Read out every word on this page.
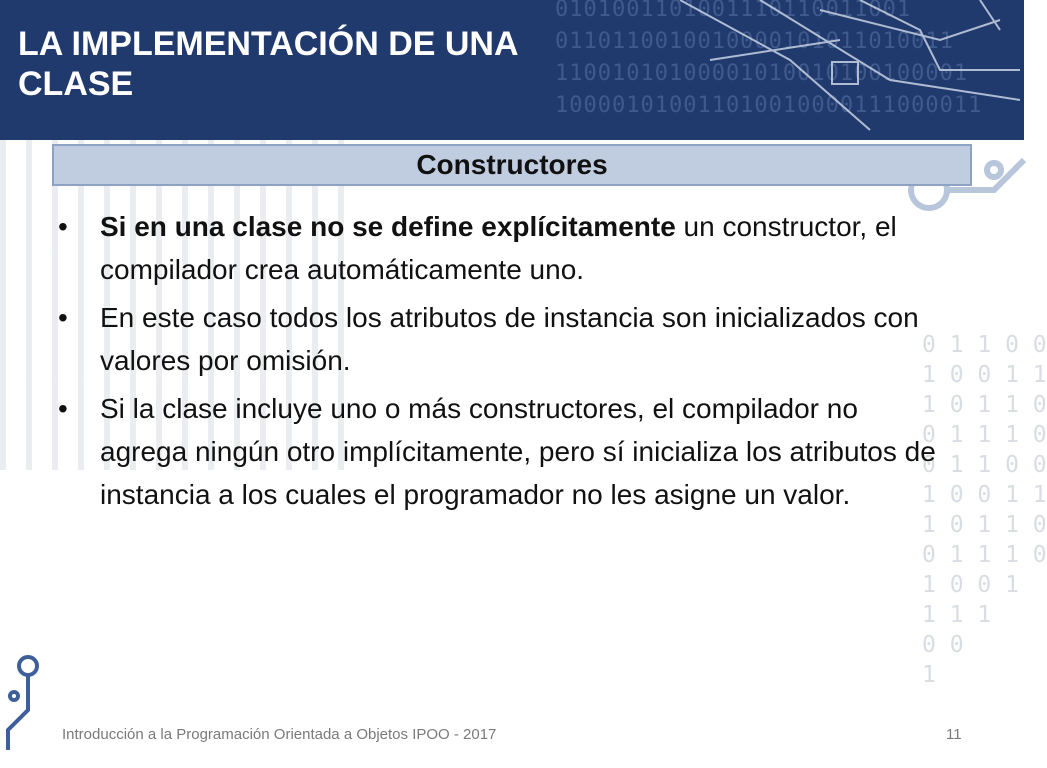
0101001101001110110011001
0110110010010000101011010011
11001010100001010010100100001
100001010011010010000111000011
LA IMPLEMENTACIÓN DE UNA CLASE
Constructores
0 1 1 0 0
1 0 0 1 1
1 0 1 1 0
0 1 1 1 0
0 1 1 0 0
1 0 0 1 1
1 0 1 1 0
0 1 1 1 0
1 0 0 1
1 1 1
0 0
1
• Si en una clase no se define explícitamente un constructor, el compilador crea automáticamente uno.
• En este caso todos los atributos de instancia son inicializados con valores por omisión.
• Si la clase incluye uno o más constructores, el compilador no agrega ningún otro implícitamente, pero sí inicializa los atributos de instancia a los cuales el programador no les asigne un valor.
Introducción a la Programación Orientada a Objetos IPOO - 2017	11
